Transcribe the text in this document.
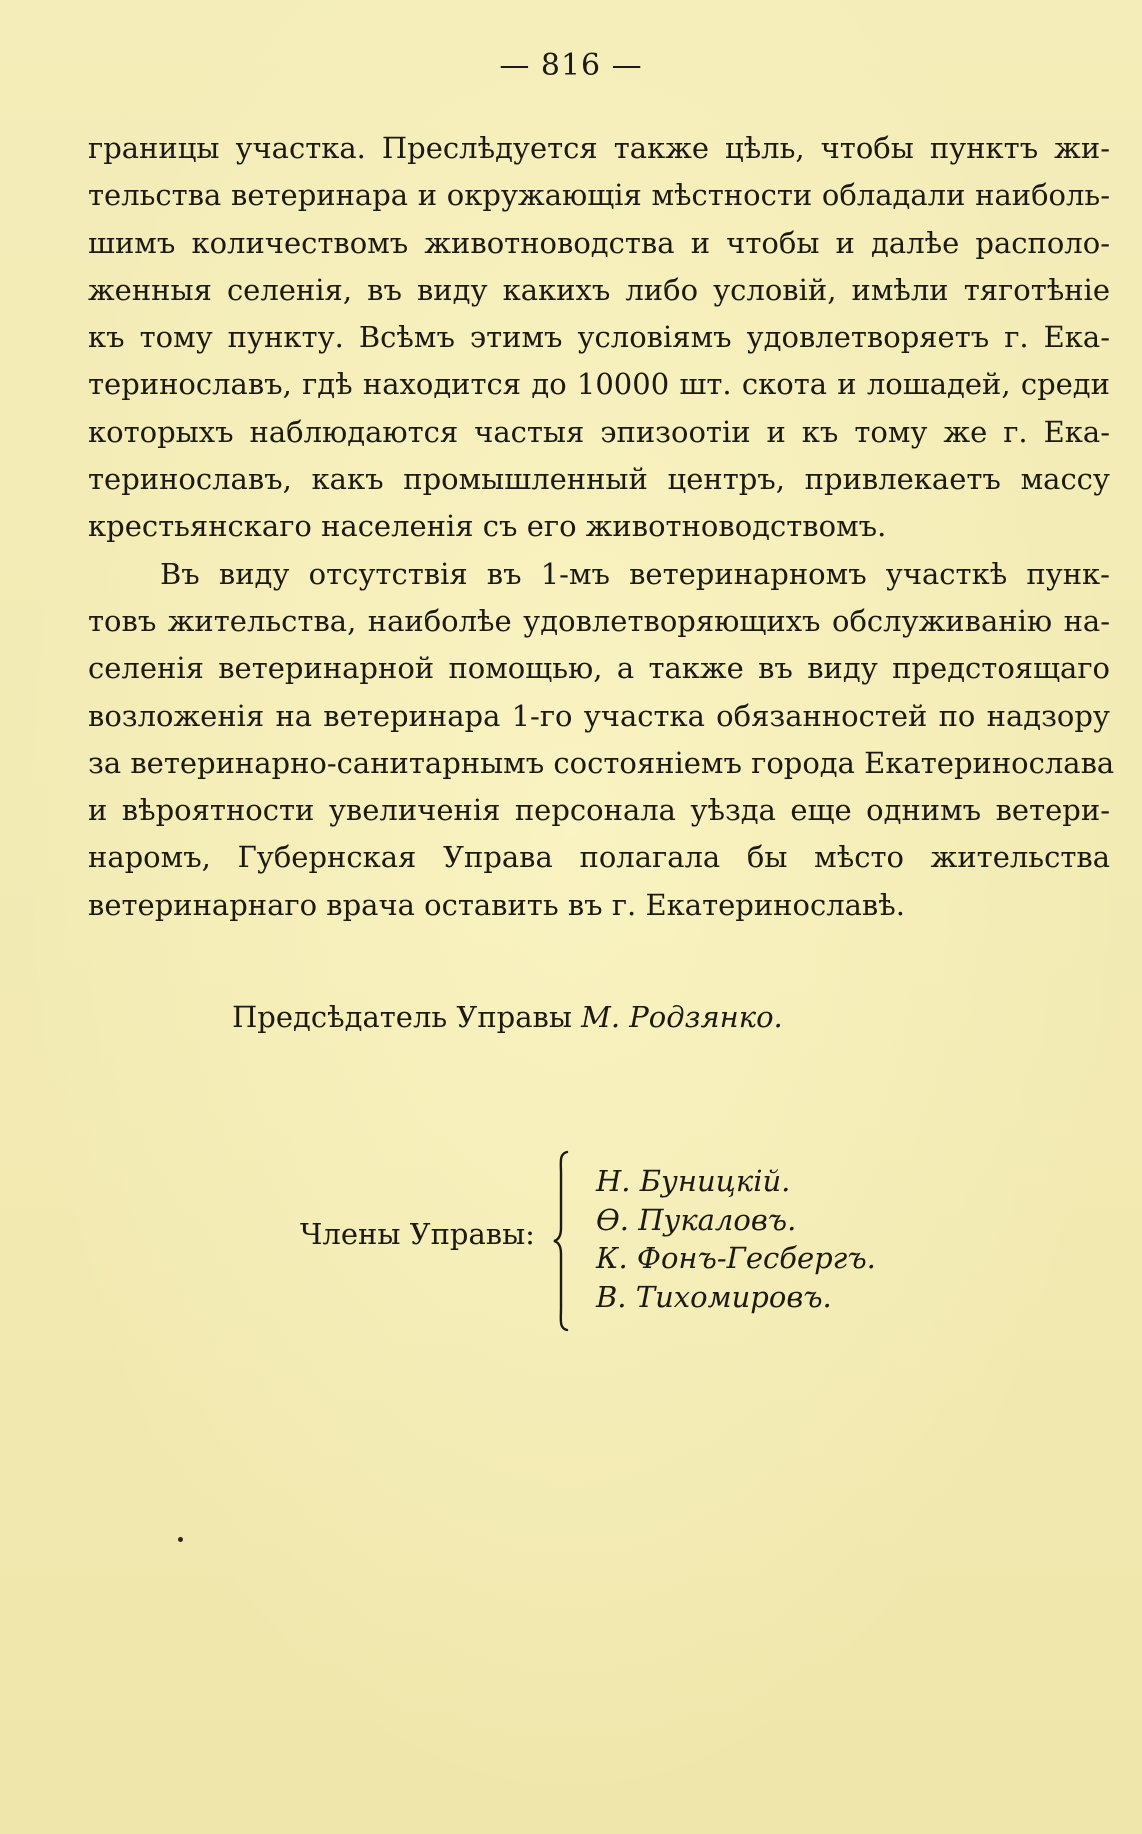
— 816 —
границы участка. Преслѣдуется также цѣль, чтобы пунктъ жи-
тельства ветеринара и окружающія мѣстности обладали наиболь-
шимъ количествомъ животноводства и чтобы и далѣе располо-
женныя селенія, въ виду какихъ либо условій, имѣли тяготѣніе
къ тому пункту. Всѣмъ этимъ условіямъ удовлетворяетъ г. Ека-
теринославъ, гдѣ находится до 10000 шт. скота и лошадей, среди
которыхъ наблюдаются частыя эпизоотіи и къ тому же г. Ека-
теринославъ, какъ промышленный центръ, привлекаетъ массу
крестьянскаго населенія съ его животноводствомъ.
Въ виду отсутствія въ 1-мъ ветеринарномъ участкѣ пунк-
товъ жительства, наиболѣе удовлетворяющихъ обслуживанію на-
селенія ветеринарной помощью, а также въ виду предстоящаго
возложенія на ветеринара 1-го участка обязанностей по надзору
за ветеринарно-санитарнымъ состояніемъ города Екатеринослава
и вѣроятности увеличенія персонала уѣзда еще однимъ ветери-
наромъ, Губернская Управа полагала бы мѣсто жительства
ветеринарнаго врача оставить въ г. Екатеринославѣ.
Предсѣдатель Управы М. Родзянко.
Члены Управы:
Н. Буницкій.
Ѳ. Пукаловъ.
К. Фонъ-Гесбергъ.
В. Тихомировъ.
